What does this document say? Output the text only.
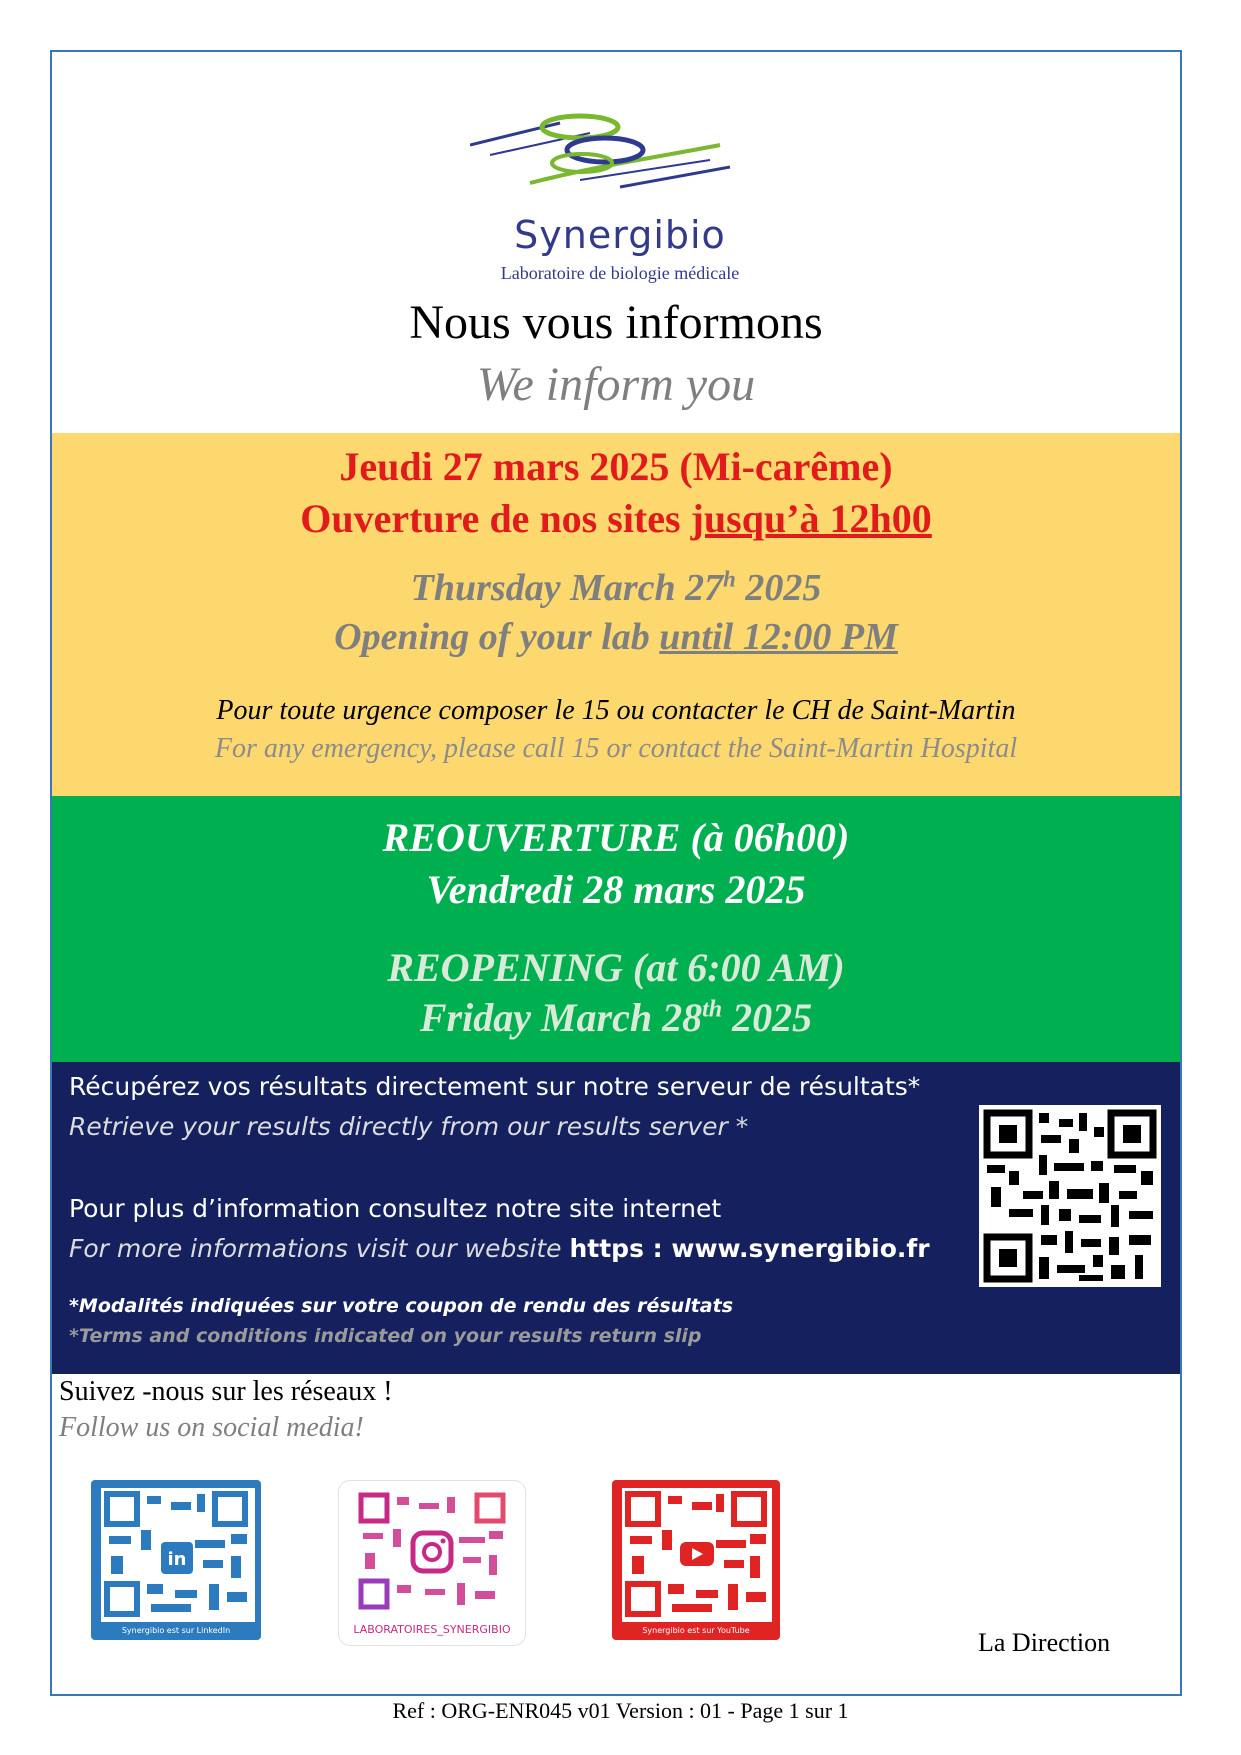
Synergibio
Laboratoire de biologie médicale
Nous vous informons
We inform you
Jeudi 27 mars 2025 (Mi-carême)
Ouverture de nos sites jusqu’à 12h00
Thursday March 27$^h$ 2025
Opening of your lab until 12:00 PM
Pour toute urgence composer le 15 ou contacter le CH de Saint-Martin
For any emergency, please call 15 or contact the Saint-Martin Hospital
REOUVERTURE (à 06h00)
Vendredi 28 mars 2025
REOPENING (at 6:00 AM)
Friday March 28th 2025
Récupérez vos résultats directement sur notre serveur de résultats*
Retrieve your results directly from our results server *
Pour plus d’information consultez notre site internet
For more informations visit our website https : www.synergibio.fr
*Modalités indiquées sur votre coupon de rendu des résultats
*Terms and conditions indicated on your results return slip
Suivez -nous sur les réseaux !
Follow us on social media!
in
Synergibio est sur LinkedIn	LABORATOIRES_SYNERGIBIO	Synergibio est sur YouTube	La Direction
Ref : ORG-ENR045 v01 Version : 01 - Page 1 sur 1
